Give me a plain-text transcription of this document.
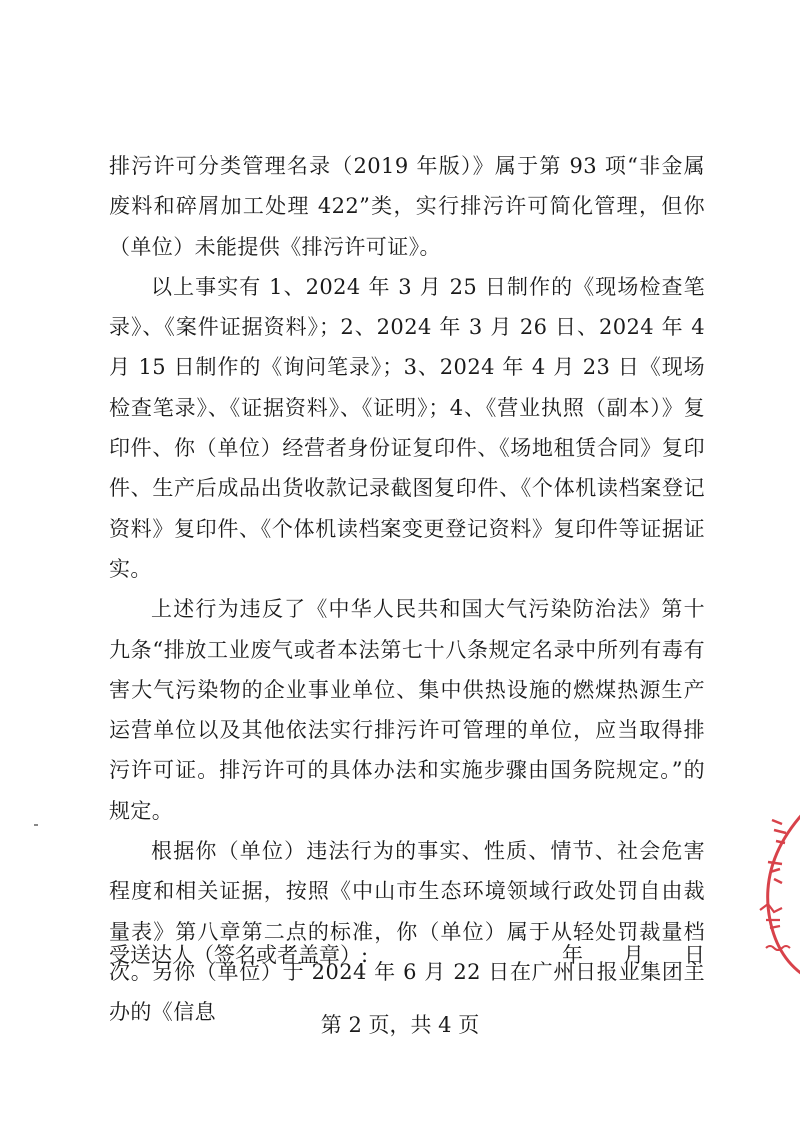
排污许可分类管理名录（2019 年版）》属于第 93 项“非金属废料和碎屑加工处理 422”类，实行排污许可简化管理，但你（单位）未能提供《排污许可证》。

以上事实有 1、2024 年 3 月 25 日制作的《现场检查笔录》、《案件证据资料》；2、2024 年 3 月 26 日、2024 年 4 月 15 日制作的《询问笔录》；3、2024 年 4 月 23 日《现场检查笔录》、《证据资料》、《证明》；4、《营业执照（副本）》复印件、你（单位）经营者身份证复印件、《场地租赁合同》复印件、生产后成品出货收款记录截图复印件、《个体机读档案登记资料》复印件、《个体机读档案变更登记资料》复印件等证据证实。

上述行为违反了《中华人民共和国大气污染防治法》第十九条“排放工业废气或者本法第七十八条规定名录中所列有毒有害大气污染物的企业事业单位、集中供热设施的燃煤热源生产运营单位以及其他依法实行排污许可管理的单位，应当取得排污许可证。排污许可的具体办法和实施步骤由国务院规定。”的规定。

根据你（单位）违法行为的事实、性质、情节、社会危害程度和相关证据，按照《中山市生态环境领域行政处罚自由裁量表》第八章第二点的标准，你（单位）属于从轻处罚裁量档次。另你（单位）于 2024 年 6 月 22 日在广州日报业集团主办的《信息

受送达人（签名或者盖章）:	年 月 日
第 2 页，共 4 页
